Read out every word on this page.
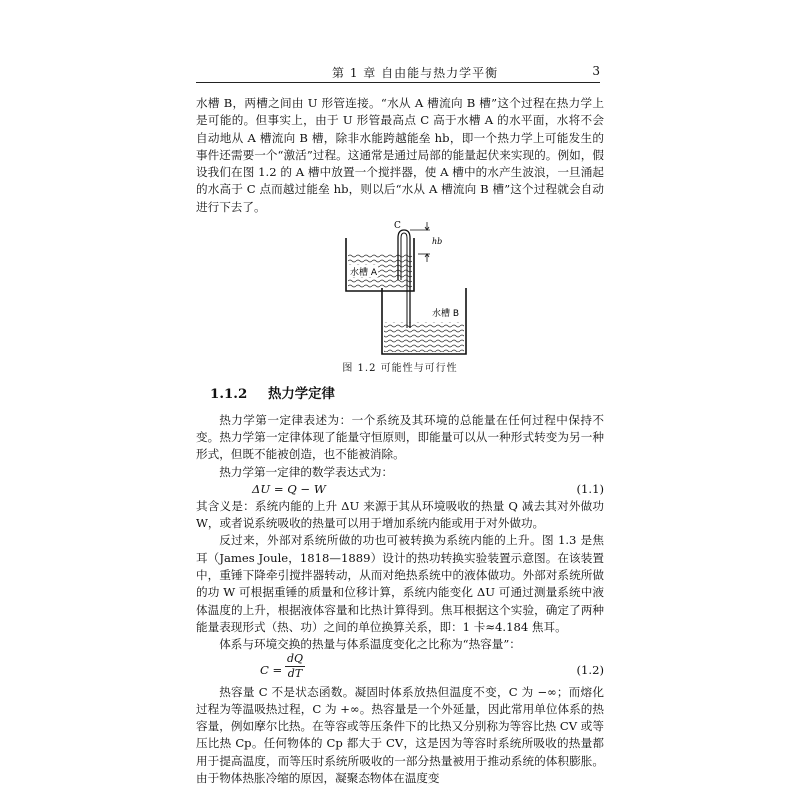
第 1 章 自由能与热力学平衡	3

水槽 B，两槽之间由 U 形管连接。“水从 A 槽流向 B 槽”这个过程在热力学上是可能的。但事实上，由于 U 形管最高点 C 高于水槽 A 的水平面，水将不会自动地从 A 槽流向 B 槽，除非水能跨越能垒 hb，即一个热力学上可能发生的事件还需要一个“激活”过程。这通常是通过局部的能量起伏来实现的。例如，假设我们在图 1.2 的 A 槽中放置一个搅拌器，使 A 槽中的水产生波浪，一旦涌起的水高于 C 点而越过能垒 hb，则以后“水从 A 槽流向 B 槽”这个过程就会自动进行下去了。

水槽 A
水槽 B
C
hb

图 1.2 可能性与可行性

1.1.2 热力学定律

热力学第一定律表述为：一个系统及其环境的总能量在任何过程中保持不变。热力学第一定律体现了能量守恒原则，即能量可以从一种形式转变为另一种形式，但既不能被创造，也不能被消除。

热力学第一定律的数学表达式为：

ΔU = Q − W	(1.1)

其含义是：系统内能的上升 ΔU 来源于其从环境吸收的热量 Q 减去其对外做功 W，或者说系统吸收的热量可以用于增加系统内能或用于对外做功。

反过来，外部对系统所做的功也可被转换为系统内能的上升。图 1.3 是焦耳（James Joule，1818—1889）设计的热功转换实验装置示意图。在该装置中，重锤下降牵引搅拌器转动，从而对绝热系统中的液体做功。外部对系统所做的功 W 可根据重锤的质量和位移计算，系统内能变化 ΔU 可通过测量系统中液体温度的上升，根据液体容量和比热计算得到。焦耳根据这个实验，确定了两种能量表现形式（热、功）之间的单位换算关系，即：1 卡≈4.184 焦耳。

体系与环境交换的热量与体系温度变化之比称为“热容量”：

$C = \frac{dQ}{dT}$	(1.2)

热容量 C 不是状态函数。凝固时体系放热但温度不变，C 为 −∞；而熔化过程为等温吸热过程，C 为 +∞。热容量是一个外延量，因此常用单位体系的热容量，例如摩尔比热。在等容或等压条件下的比热又分别称为等容比热 CV 或等压比热 Cp。任何物体的 Cp 都大于 CV，这是因为等容时系统所吸收的热量都用于提高温度，而等压时系统所吸收的一部分热量被用于推动系统的体积膨胀。由于物体热胀冷缩的原因，凝聚态物体在温度变
